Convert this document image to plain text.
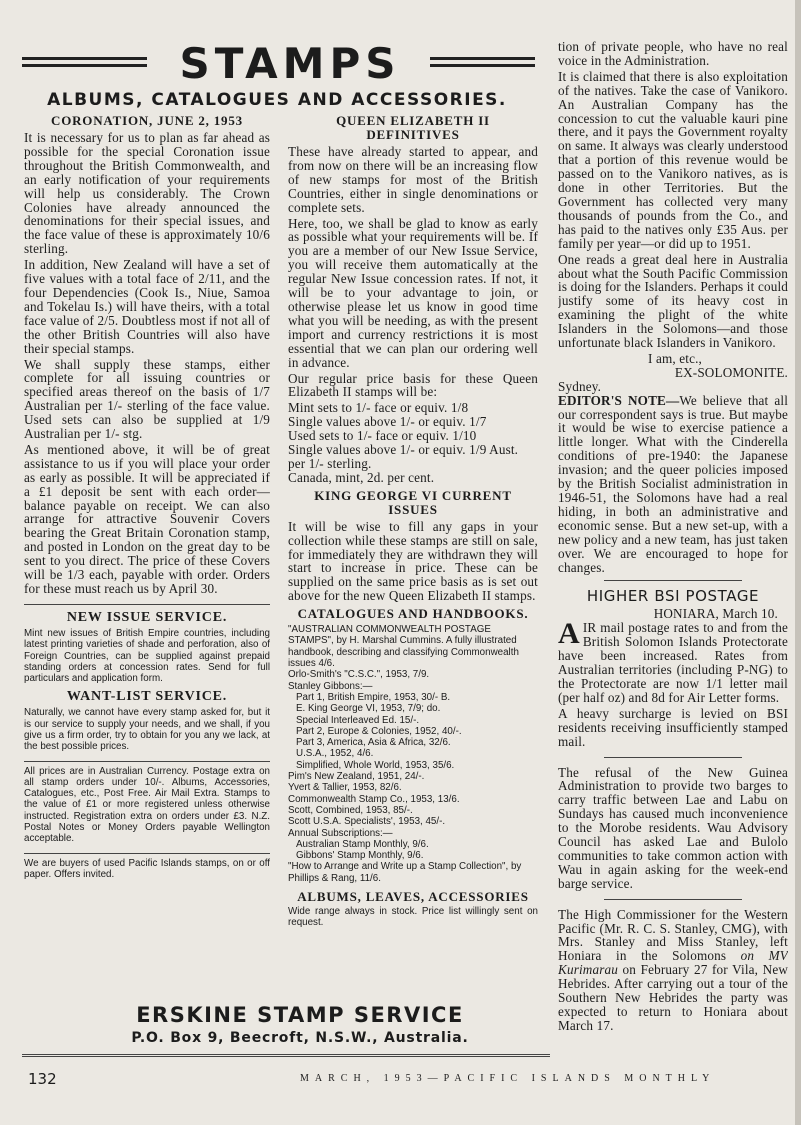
STAMPS
ALBUMS, CATALOGUES AND ACCESSORIES.
CORONATION, JUNE 2, 1953

It is necessary for us to plan as far ahead as possible for the special Coronation issue throughout the British Commonwealth, and an early notification of your requirements will help us considerably. The Crown Colonies have already announced the denominations for their special issues, and the face value of these is approximately 10/6 sterling.

In addition, New Zealand will have a set of five values with a total face of 2/11, and the four Dependencies (Cook Is., Niue, Samoa and Tokelau Is.) will have theirs, with a total face value of 2/5. Doubtless most if not all of the other British Countries will also have their special stamps.

We shall supply these stamps, either complete for all issuing countries or specified areas thereof on the basis of 1/7 Australian per 1/- sterling of the face value. Used sets can also be supplied at 1/9 Australian per 1/- stg.

As mentioned above, it will be of great assistance to us if you will place your order as early as possible. It will be appreciated if a £1 deposit be sent with each order—balance payable on receipt. We can also arrange for attractive Souvenir Covers bearing the Great Britain Coronation stamp, and posted in London on the great day to be sent to you direct. The price of these Covers will be 1/3 each, payable with order. Orders for these must reach us by April 30.

NEW ISSUE SERVICE.

Mint new issues of British Empire countries, including latest printing varieties of shade and perforation, also of Foreign Countries, can be supplied against prepaid standing orders at concession rates. Send for full particulars and application form.

WANT-LIST SERVICE.

Naturally, we cannot have every stamp asked for, but it is our service to supply your needs, and we shall, if you give us a firm order, try to obtain for you any we lack, at the best possible prices.

All prices are in Australian Currency. Postage extra on all stamp orders under 10/-. Albums, Accessories, Catalogues, etc., Post Free. Air Mail Extra. Stamps to the value of £1 or more registered unless otherwise instructed. Registration extra on orders under £3. N.Z. Postal Notes or Money Orders payable Wellington acceptable.

We are buyers of used Pacific Islands stamps, on or off paper. Offers invited.

QUEEN ELIZABETH II DEFINITIVES

These have already started to appear, and from now on there will be an increasing flow of new stamps for most of the British Countries, either in single denominations or complete sets.

Here, too, we shall be glad to know as early as possible what your requirements will be. If you are a member of our New Issue Service, you will receive them automatically at the regular New Issue concession rates. If not, it will be to your advantage to join, or otherwise please let us know in good time what you will be needing, as with the present import and currency restrictions it is most essential that we can plan our ordering well in advance.

Our regular price basis for these Queen Elizabeth II stamps will be:

Mint sets to 1/- face or equiv. 1/8
Single values above 1/- or equiv. 1/7
Used sets to 1/- face or equiv. 1/10
Single values above 1/- or equiv. 1/9 Aust. per 1/- sterling.
Canada, mint, 2d. per cent.
KING GEORGE VI CURRENT ISSUES

It will be wise to fill any gaps in your collection while these stamps are still on sale, for immediately they are withdrawn they will start to increase in price. These can be supplied on the same price basis as is set out above for the new Queen Elizabeth II stamps.

CATALOGUES AND HANDBOOKS.
"AUSTRALIAN COMMONWEALTH POSTAGE STAMPS", by H. Marshal Cummins. A fully illustrated handbook, describing and classifying Commonwealth issues 4/6.
Orlo-Smith's "C.S.C.", 1953, 7/9.
Stanley Gibbons:—
Part 1, British Empire, 1953, 30/- B.
E. King George VI, 1953, 7/9; do.
Special Interleaved Ed. 15/-.
Part 2, Europe & Colonies, 1952, 40/-.
Part 3, America, Asia & Africa, 32/6.
U.S.A., 1952, 4/6.
Simplified, Whole World, 1953, 35/6.
Pim's New Zealand, 1951, 24/-.
Yvert & Tallier, 1953, 82/6.
Commonwealth Stamp Co., 1953, 13/6.
Scott, Combined, 1953, 85/-.
Scott U.S.A. Specialists', 1953, 45/-.
Annual Subscriptions:—
Australian Stamp Monthly, 9/6.
Gibbons' Stamp Monthly, 9/6.
"How to Arrange and Write up a Stamp Collection", by Phillips & Rang, 11/6.
ALBUMS, LEAVES, ACCESSORIES

Wide range always in stock. Price list willingly sent on request.

ERSKINE STAMP SERVICE
P.O. Box 9, Beecroft, N.S.W., Australia.

tion of private people, who have no real voice in the Administration.

It is claimed that there is also exploitation of the natives. Take the case of Vanikoro. An Australian Company has the concession to cut the valuable kauri pine there, and it pays the Government royalty on same. It always was clearly understood that a portion of this revenue would be passed on to the Vanikoro natives, as is done in other Territories. But the Government has collected very many thousands of pounds from the Co., and has paid to the natives only £35 Aus. per family per year—or did up to 1951.

One reads a great deal here in Australia about what the South Pacific Commission is doing for the Islanders. Perhaps it could justify some of its heavy cost in examining the plight of the white Islanders in the Solomons—and those unfortunate black Islanders in Vanikoro.

I am, etc.,
EX-SOLOMONITE.
Sydney.

EDITOR'S NOTE—We believe that all our correspondent says is true. But maybe it would be wise to exercise patience a little longer. What with the Cinderella conditions of pre-1940: the Japanese invasion; and the queer policies imposed by the British Socialist administration in 1946-51, the Solomons have had a real hiding, in both an administrative and economic sense. But a new set-up, with a new policy and a new team, has just taken over. We are encouraged to hope for changes.

HIGHER BSI POSTAGE
HONIARA, March 10.

AIR mail postage rates to and from the British Solomon Islands Protectorate have been increased. Rates from Australian territories (including P-NG) to the Protectorate are now 1/1 letter mail (per half oz) and 8d for Air Letter forms.

A heavy surcharge is levied on BSI residents receiving insufficiently stamped mail.

The refusal of the New Guinea Administration to provide two barges to carry traffic between Lae and Labu on Sundays has caused much inconvenience to the Morobe residents. Wau Advisory Council has asked Lae and Bulolo communities to take common action with Wau in again asking for the week-end barge service.

The High Commissioner for the Western Pacific (Mr. R. C. S. Stanley, CMG), with Mrs. Stanley and Miss Stanley, left Honiara in the Solomons on MV Kurimarau on February 27 for Vila, New Hebrides. After carrying out a tour of the Southern New Hebrides the party was expected to return to Honiara about March 17.

132	MARCH, 1953—PACIFIC ISLANDS MONTHLY
